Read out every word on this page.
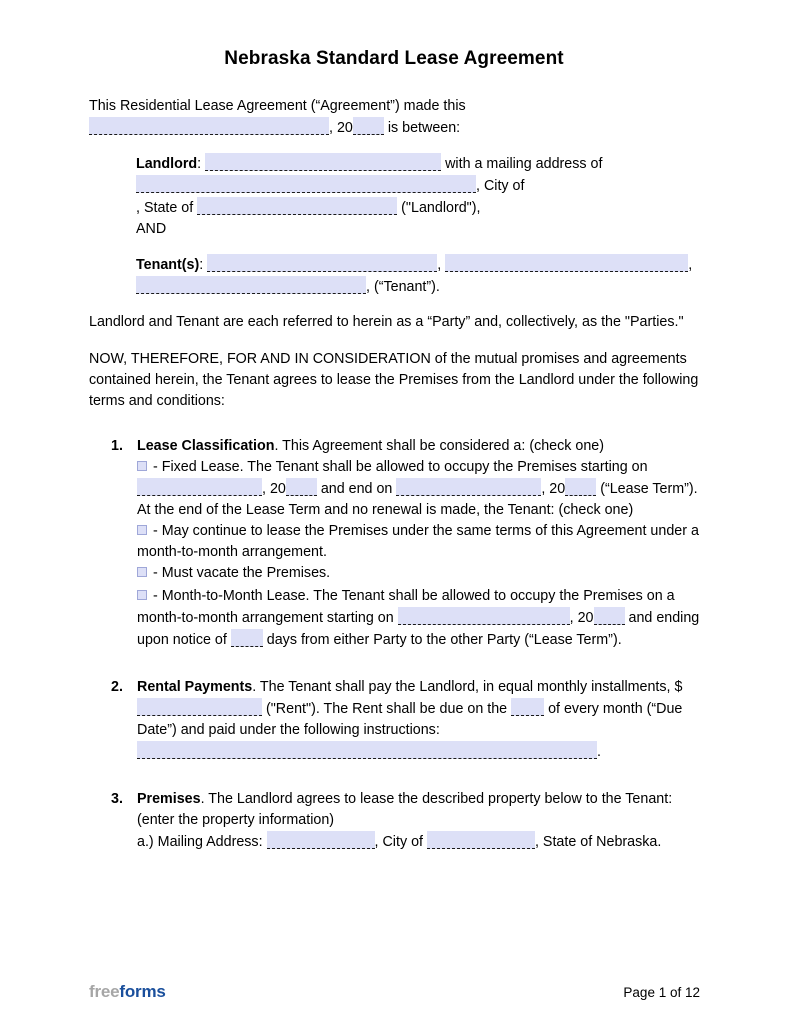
Nebraska Standard Lease Agreement

This Residential Lease Agreement (“Agreement”) made this

, 20 is between:

Landlord:	with a mailing address of

, City of

, State of	("Landlord"),

AND

Tenant(s):	,	,

, (“Tenant”).

Landlord and Tenant are each referred to herein as a “Party” and, collectively, as the "Parties."

NOW, THEREFORE, FOR AND IN CONSIDERATION of the mutual promises and agreements contained herein, the Tenant agrees to lease the Premises from the Landlord under the following terms and conditions:

1. Lease Classification. This Agreement shall be considered a: (check one)

- Fixed Lease. The Tenant shall be allowed to occupy the Premises starting on , 20 and end on	, 20 (“Lease Term”). At the end of the Lease Term and no renewal is made, the Tenant: (check one)

- May continue to lease the Premises under the same terms of this Agreement under a month-to-month arrangement.

- Must vacate the Premises.

- Month-to-Month Lease. The Tenant shall be allowed to occupy the Premises on a month-to-month arrangement starting on	, 20 and ending upon notice of  days from either Party to the other Party (“Lease Term”).

2. Rental Payments. The Tenant shall pay the Landlord, in equal monthly installments, $ ("Rent"). The Rent shall be due on the  of every month (“Due Date”) and paid under the following instructions: .

3. Premises. The Landlord agrees to lease the described property below to the Tenant: (enter the property information)

a.) Mailing Address:	, City of	, State of Nebraska.

freeforms	Page 1 of 12
